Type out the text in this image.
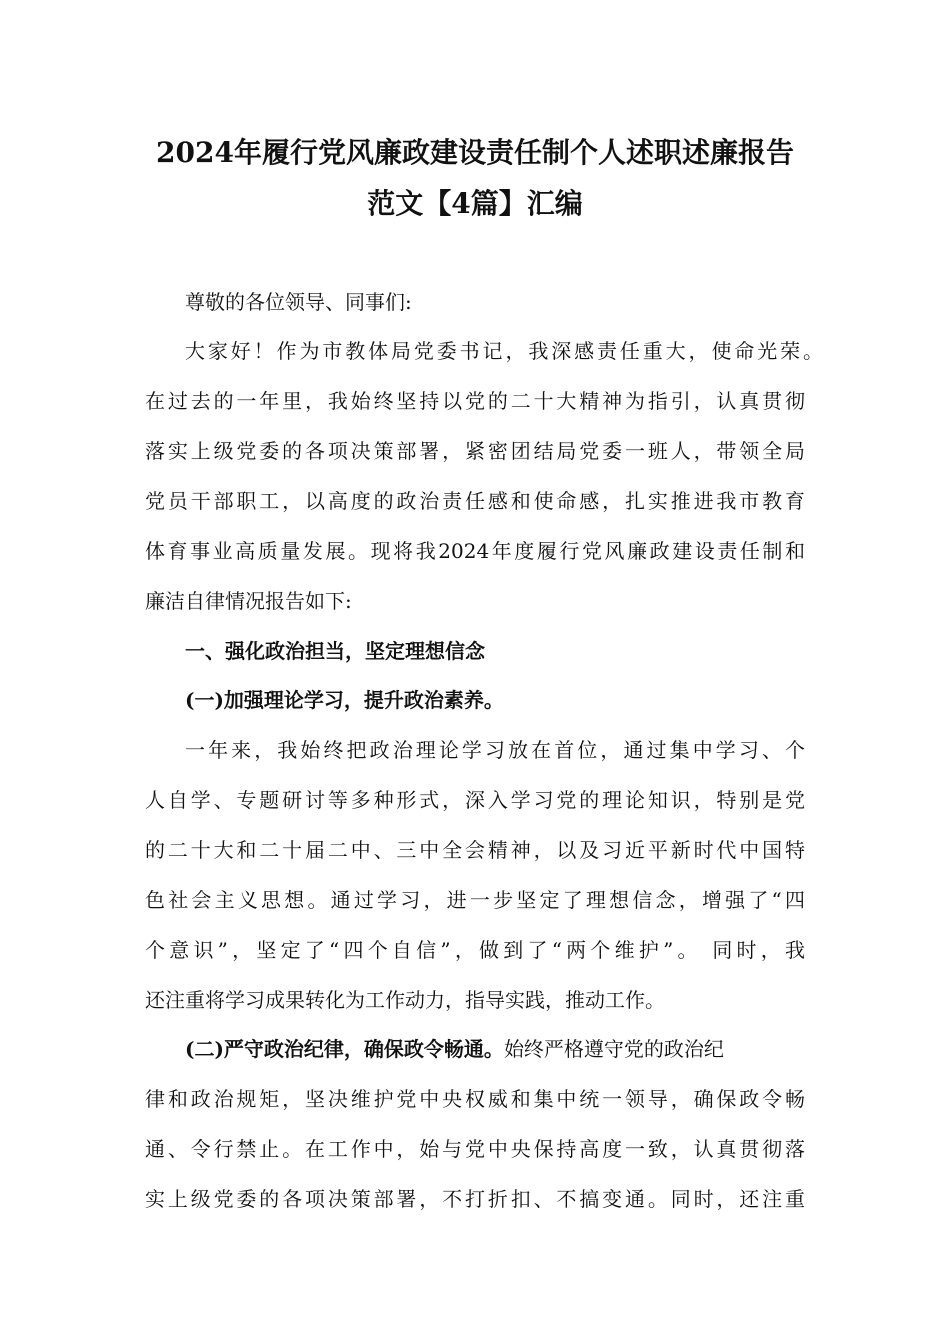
2024年履行党风廉政建设责任制个人述职述廉报告
范文【4篇】汇编
尊敬的各位领导、同事们:
大家好！作为市教体局党委书记，我深感责任重大，使命光荣。
在过去的一年里，我始终坚持以党的二十大精神为指引，认真贯彻
落实上级党委的各项决策部署，紧密团结局党委一班人，带领全局
党员干部职工，以高度的政治责任感和使命感，扎实推进我市教育
体育事业高质量发展。现将我2024年度履行党风廉政建设责任制和
廉洁自律情况报告如下:
一、强化政治担当，坚定理想信念
(一)加强理论学习，提升政治素养。
一年来，我始终把政治理论学习放在首位，通过集中学习、个
人自学、专题研讨等多种形式，深入学习党的理论知识，特别是党
的二十大和二十届二中、三中全会精神，以及习近平新时代中国特
色社会主义思想。通过学习，进一步坚定了理想信念，增强了“四
个意识”，坚定了“四个自信”，做到了“两个维护”。 同时，我
还注重将学习成果转化为工作动力，指导实践，推动工作。
(二)严守政治纪律，确保政令畅通。始终严格遵守党的政治纪
律和政治规矩，坚决维护党中央权威和集中统一领导，确保政令畅
通、令行禁止。在工作中，始与党中央保持高度一致，认真贯彻落
实上级党委的各项决策部署，不打折扣、不搞变通。同时，还注重
